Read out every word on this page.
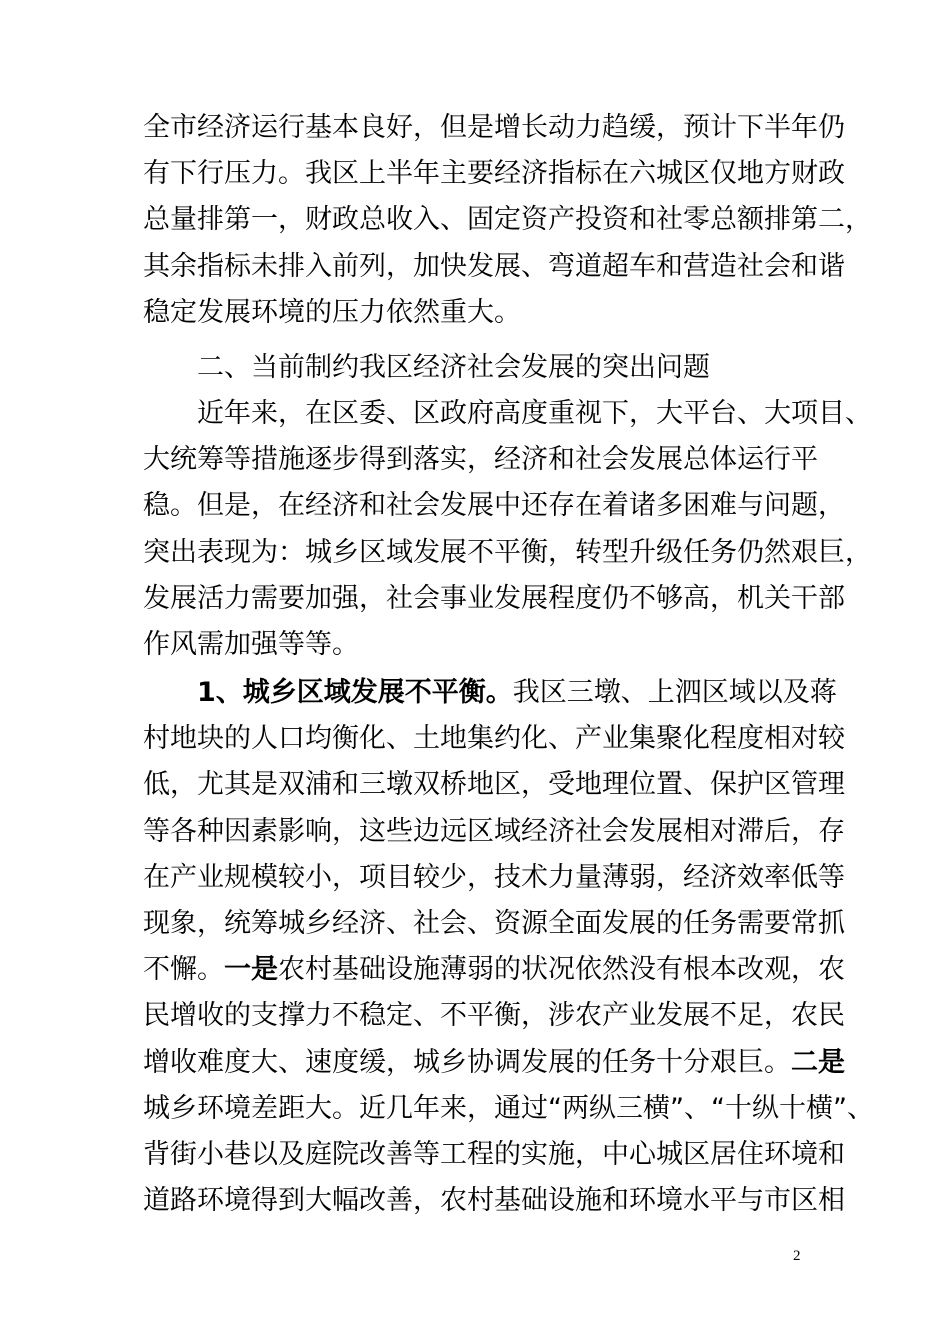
全市经济运行基本良好，但是增长动力趋缓，预计下半年仍
有下行压力。我区上半年主要经济指标在六城区仅地方财政
总量排第一，财政总收入、固定资产投资和社零总额排第二，
其余指标未排入前列，加快发展、弯道超车和营造社会和谐
稳定发展环境的压力依然重大。
二、当前制约我区经济社会发展的突出问题
近年来，在区委、区政府高度重视下，大平台、大项目、
大统筹等措施逐步得到落实，经济和社会发展总体运行平
稳。但是，在经济和社会发展中还存在着诸多困难与问题，
突出表现为：城乡区域发展不平衡，转型升级任务仍然艰巨，
发展活力需要加强，社会事业发展程度仍不够高，机关干部
作风需加强等等。
1、城乡区域发展不平衡。我区三墩、上泗区域以及蒋
村地块的人口均衡化、土地集约化、产业集聚化程度相对较
低，尤其是双浦和三墩双桥地区，受地理位置、保护区管理
等各种因素影响，这些边远区域经济社会发展相对滞后，存
在产业规模较小，项目较少，技术力量薄弱，经济效率低等
现象，统筹城乡经济、社会、资源全面发展的任务需要常抓
不懈。一是农村基础设施薄弱的状况依然没有根本改观，农
民增收的支撑力不稳定、不平衡，涉农产业发展不足，农民
增收难度大、速度缓，城乡协调发展的任务十分艰巨。二是
城乡环境差距大。近几年来，通过“两纵三横”、“十纵十横”、
背街小巷以及庭院改善等工程的实施，中心城区居住环境和
道路环境得到大幅改善，农村基础设施和环境水平与市区相
2
